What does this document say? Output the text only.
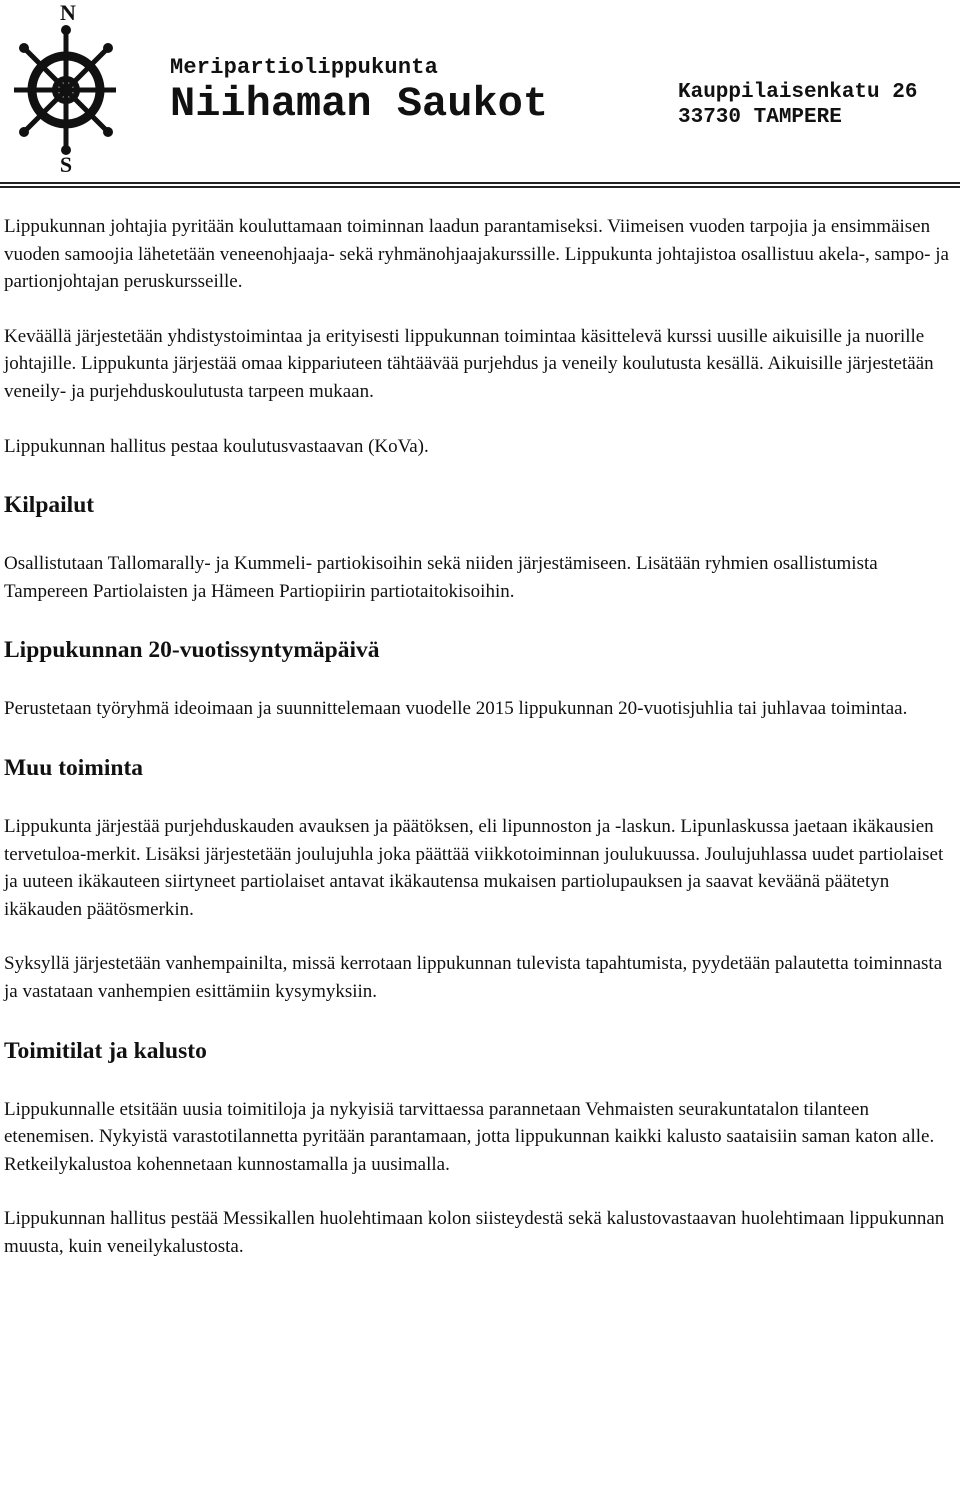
N
S
Meripartiolippukunta
Niihaman Saukot	Kauppilaisenkatu 26
33730 TAMPERE

Lippukunnan johtajia pyritään kouluttamaan toiminnan laadun parantamiseksi. Viimeisen vuoden tarpojia ja ensimmäisen vuoden samoojia lähetetään veneenohjaaja- sekä ryhmänohjaajakurssille. Lippukunta johtajistoa osallistuu akela-, sampo- ja partionjohtajan peruskursseille.

Keväällä järjestetään yhdistystoimintaa ja erityisesti lippukunnan toimintaa käsittelevä kurssi uusille aikuisille ja nuorille johtajille. Lippukunta järjestää omaa kippariuteen tähtäävää purjehdus ja veneily koulutusta kesällä. Aikuisille järjestetään veneily- ja purjehduskoulutusta tarpeen mukaan.

Lippukunnan hallitus pestaa koulutusvastaavan (KoVa).

Kilpailut

Osallistutaan Tallomarally- ja Kummeli- partiokisoihin sekä niiden järjestämiseen. Lisätään ryhmien osallistumista Tampereen Partiolaisten ja Hämeen Partiopiirin partiotaitokisoihin.

Lippukunnan 20-vuotissyntymäpäivä

Perustetaan työryhmä ideoimaan ja suunnittelemaan vuodelle 2015 lippukunnan 20-vuotisjuhlia tai juhlavaa toimintaa.

Muu toiminta

Lippukunta järjestää purjehduskauden avauksen ja päätöksen, eli lipunnoston ja -laskun. Lipunlaskussa jaetaan ikäkausien tervetuloa-merkit. Lisäksi järjestetään joulujuhla joka päättää viikkotoiminnan joulukuussa. Joulujuhlassa uudet partiolaiset ja uuteen ikäkauteen siirtyneet partiolaiset antavat ikäkautensa mukaisen partiolupauksen ja saavat keväänä päätetyn ikäkauden päätösmerkin.

Syksyllä järjestetään vanhempainilta, missä kerrotaan lippukunnan tulevista tapahtumista, pyydetään palautetta toiminnasta ja vastataan vanhempien esittämiin kysymyksiin.

Toimitilat ja kalusto

Lippukunnalle etsitään uusia toimitiloja ja nykyisiä tarvittaessa parannetaan Vehmaisten seurakuntatalon tilanteen etenemisen. Nykyistä varastotilannetta pyritään parantamaan, jotta lippukunnan kaikki kalusto saataisiin saman katon alle. Retkeilykalustoa kohennetaan kunnostamalla ja uusimalla.

Lippukunnan hallitus pestää Messikallen huolehtimaan kolon siisteydestä sekä kalustovastaavan huolehtimaan lippukunnan muusta, kuin veneilykalustosta.
